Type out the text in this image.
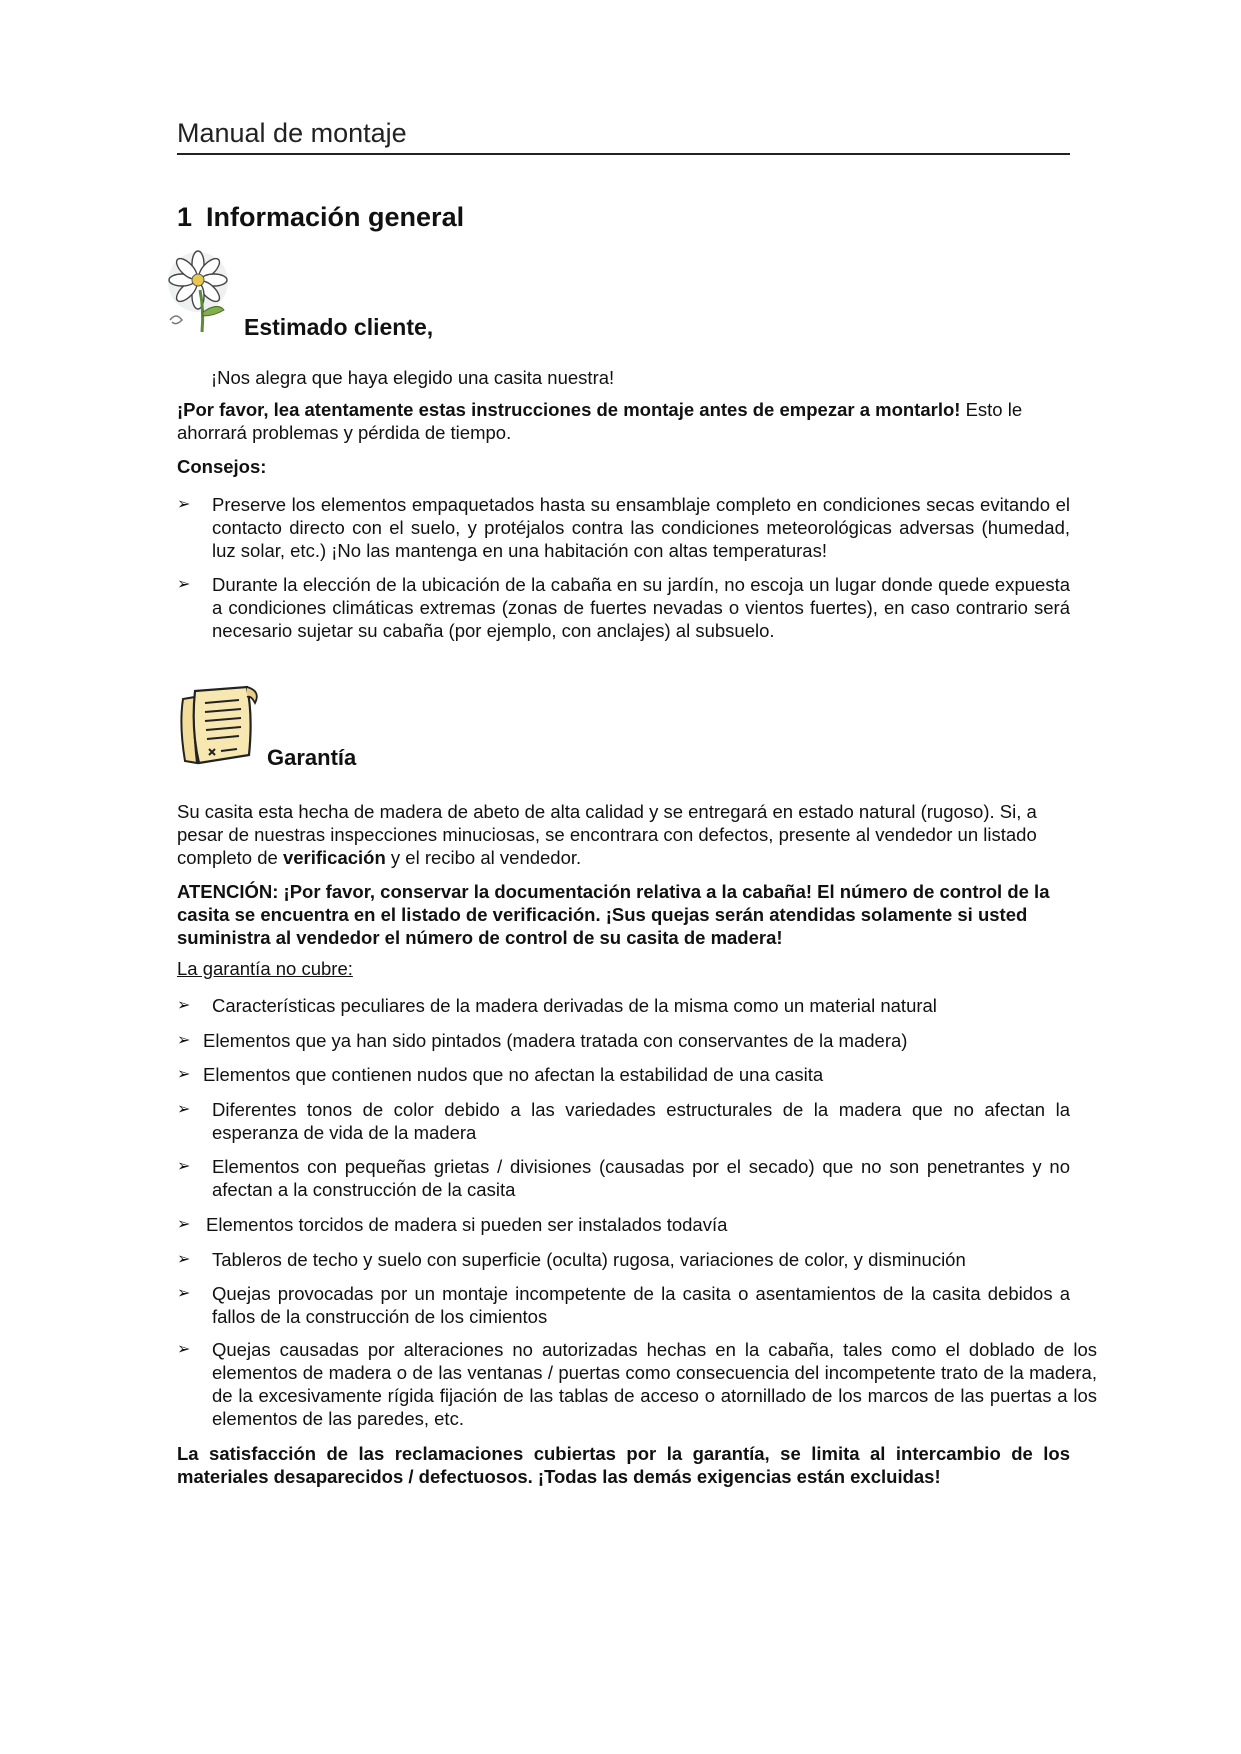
Manual de montaje
1 Información general
Estimado cliente,
¡Nos alegra que haya elegido una casita nuestra!
¡Por favor, lea atentamente estas instrucciones de montaje antes de empezar a montarlo! Esto le ahorrará problemas y pérdida de tiempo.
Consejos:
➢	Preserve los elementos empaquetados hasta su ensamblaje completo en condiciones secas evitando el contacto directo con el suelo, y protéjalos contra las condiciones meteorológicas adversas (humedad, luz solar, etc.) ¡No las mantenga en una habitación con altas temperaturas!
➢	Durante la elección de la ubicación de la cabaña en su jardín, no escoja un lugar donde quede expuesta a condiciones climáticas extremas (zonas de fuertes nevadas o vientos fuertes), en caso contrario será necesario sujetar su cabaña (por ejemplo, con anclajes) al subsuelo.
Garantía
Su casita esta hecha de madera de abeto de alta calidad y se entregará en estado natural (rugoso). Si, a pesar de nuestras inspecciones minuciosas, se encontrara con defectos, presente al vendedor un listado completo de verificación y el recibo al vendedor.
ATENCIÓN: ¡Por favor, conservar la documentación relativa a la cabaña! El número de control de la casita se encuentra en el listado de verificación. ¡Sus quejas serán atendidas solamente si usted suministra al vendedor el número de control de su casita de madera!
La garantía no cubre:
➢	Características peculiares de la madera derivadas de la misma como un material natural
➢ Elementos que ya han sido pintados (madera tratada con conservantes de la madera)
➢ Elementos que contienen nudos que no afectan la estabilidad de una casita
➢	Diferentes tonos de color debido a las variedades estructurales de la madera que no afectan la esperanza de vida de la madera
➢	Elementos con pequeñas grietas / divisiones (causadas por el secado) que no son penetrantes y no afectan a la construcción de la casita
➢ Elementos torcidos de madera si pueden ser instalados todavía
➢	Tableros de techo y suelo con superficie (oculta) rugosa, variaciones de color, y disminución
➢	Quejas provocadas por un montaje incompetente de la casita o asentamientos de la casita debidos a fallos de la construcción de los cimientos
➢	Quejas causadas por alteraciones no autorizadas hechas en la cabaña, tales como el doblado de los elementos de madera o de las ventanas / puertas como consecuencia del incompetente trato de la madera, de la excesivamente rígida fijación de las tablas de acceso o atornillado de los marcos de las puertas a los elementos de las paredes, etc.
La satisfacción de las reclamaciones cubiertas por la garantía, se limita al intercambio de los materiales desaparecidos / defectuosos. ¡Todas las demás exigencias están excluidas!
